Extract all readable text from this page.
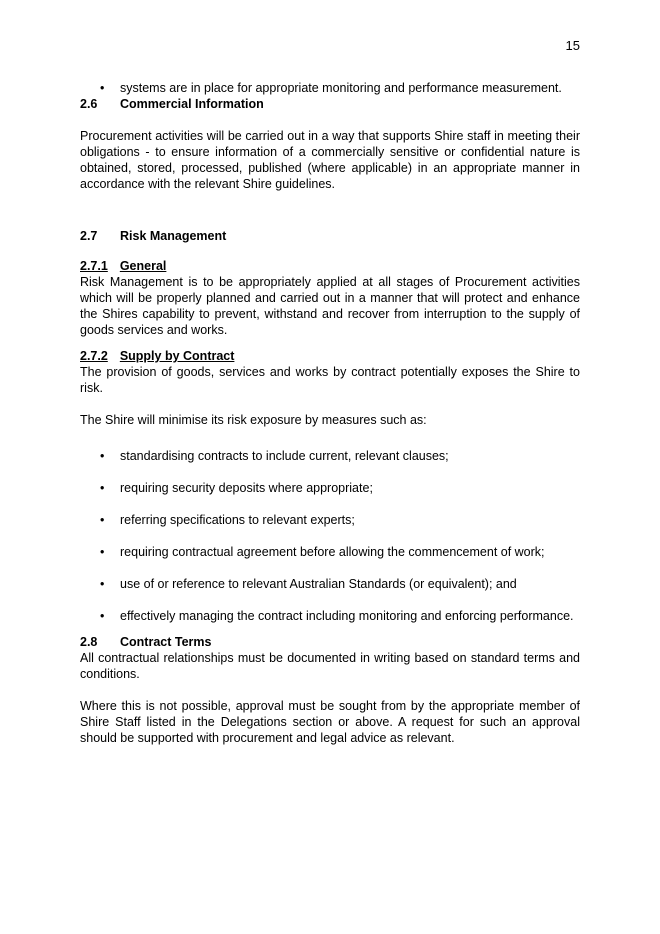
15
• systems are in place for appropriate monitoring and performance measurement.
2.6 Commercial Information

Procurement activities will be carried out in a way that supports Shire staff in meeting their obligations - to ensure information of a commercially sensitive or confidential nature is obtained, stored, processed, published (where applicable) in an appropriate manner in accordance with the relevant Shire guidelines.

2.7 Risk Management
2.7.1 General

Risk Management is to be appropriately applied at all stages of Procurement activities which will be properly planned and carried out in a manner that will protect and enhance the Shires capability to prevent, withstand and recover from interruption to the supply of goods services and works.

2.7.2 Supply by Contract

The provision of goods, services and works by contract potentially exposes the Shire to risk.

The Shire will minimise its risk exposure by measures such as:

• standardising contracts to include current, relevant clauses;
• requiring security deposits where appropriate;
• referring specifications to relevant experts;
• requiring contractual agreement before allowing the commencement of work;
• use of or reference to relevant Australian Standards (or equivalent); and
• effectively managing the contract including monitoring and enforcing performance.
2.8 Contract Terms

All contractual relationships must be documented in writing based on standard terms and conditions.

Where this is not possible, approval must be sought from by the appropriate member of Shire Staff listed in the Delegations section or above. A request for such an approval should be supported with procurement and legal advice as relevant.
